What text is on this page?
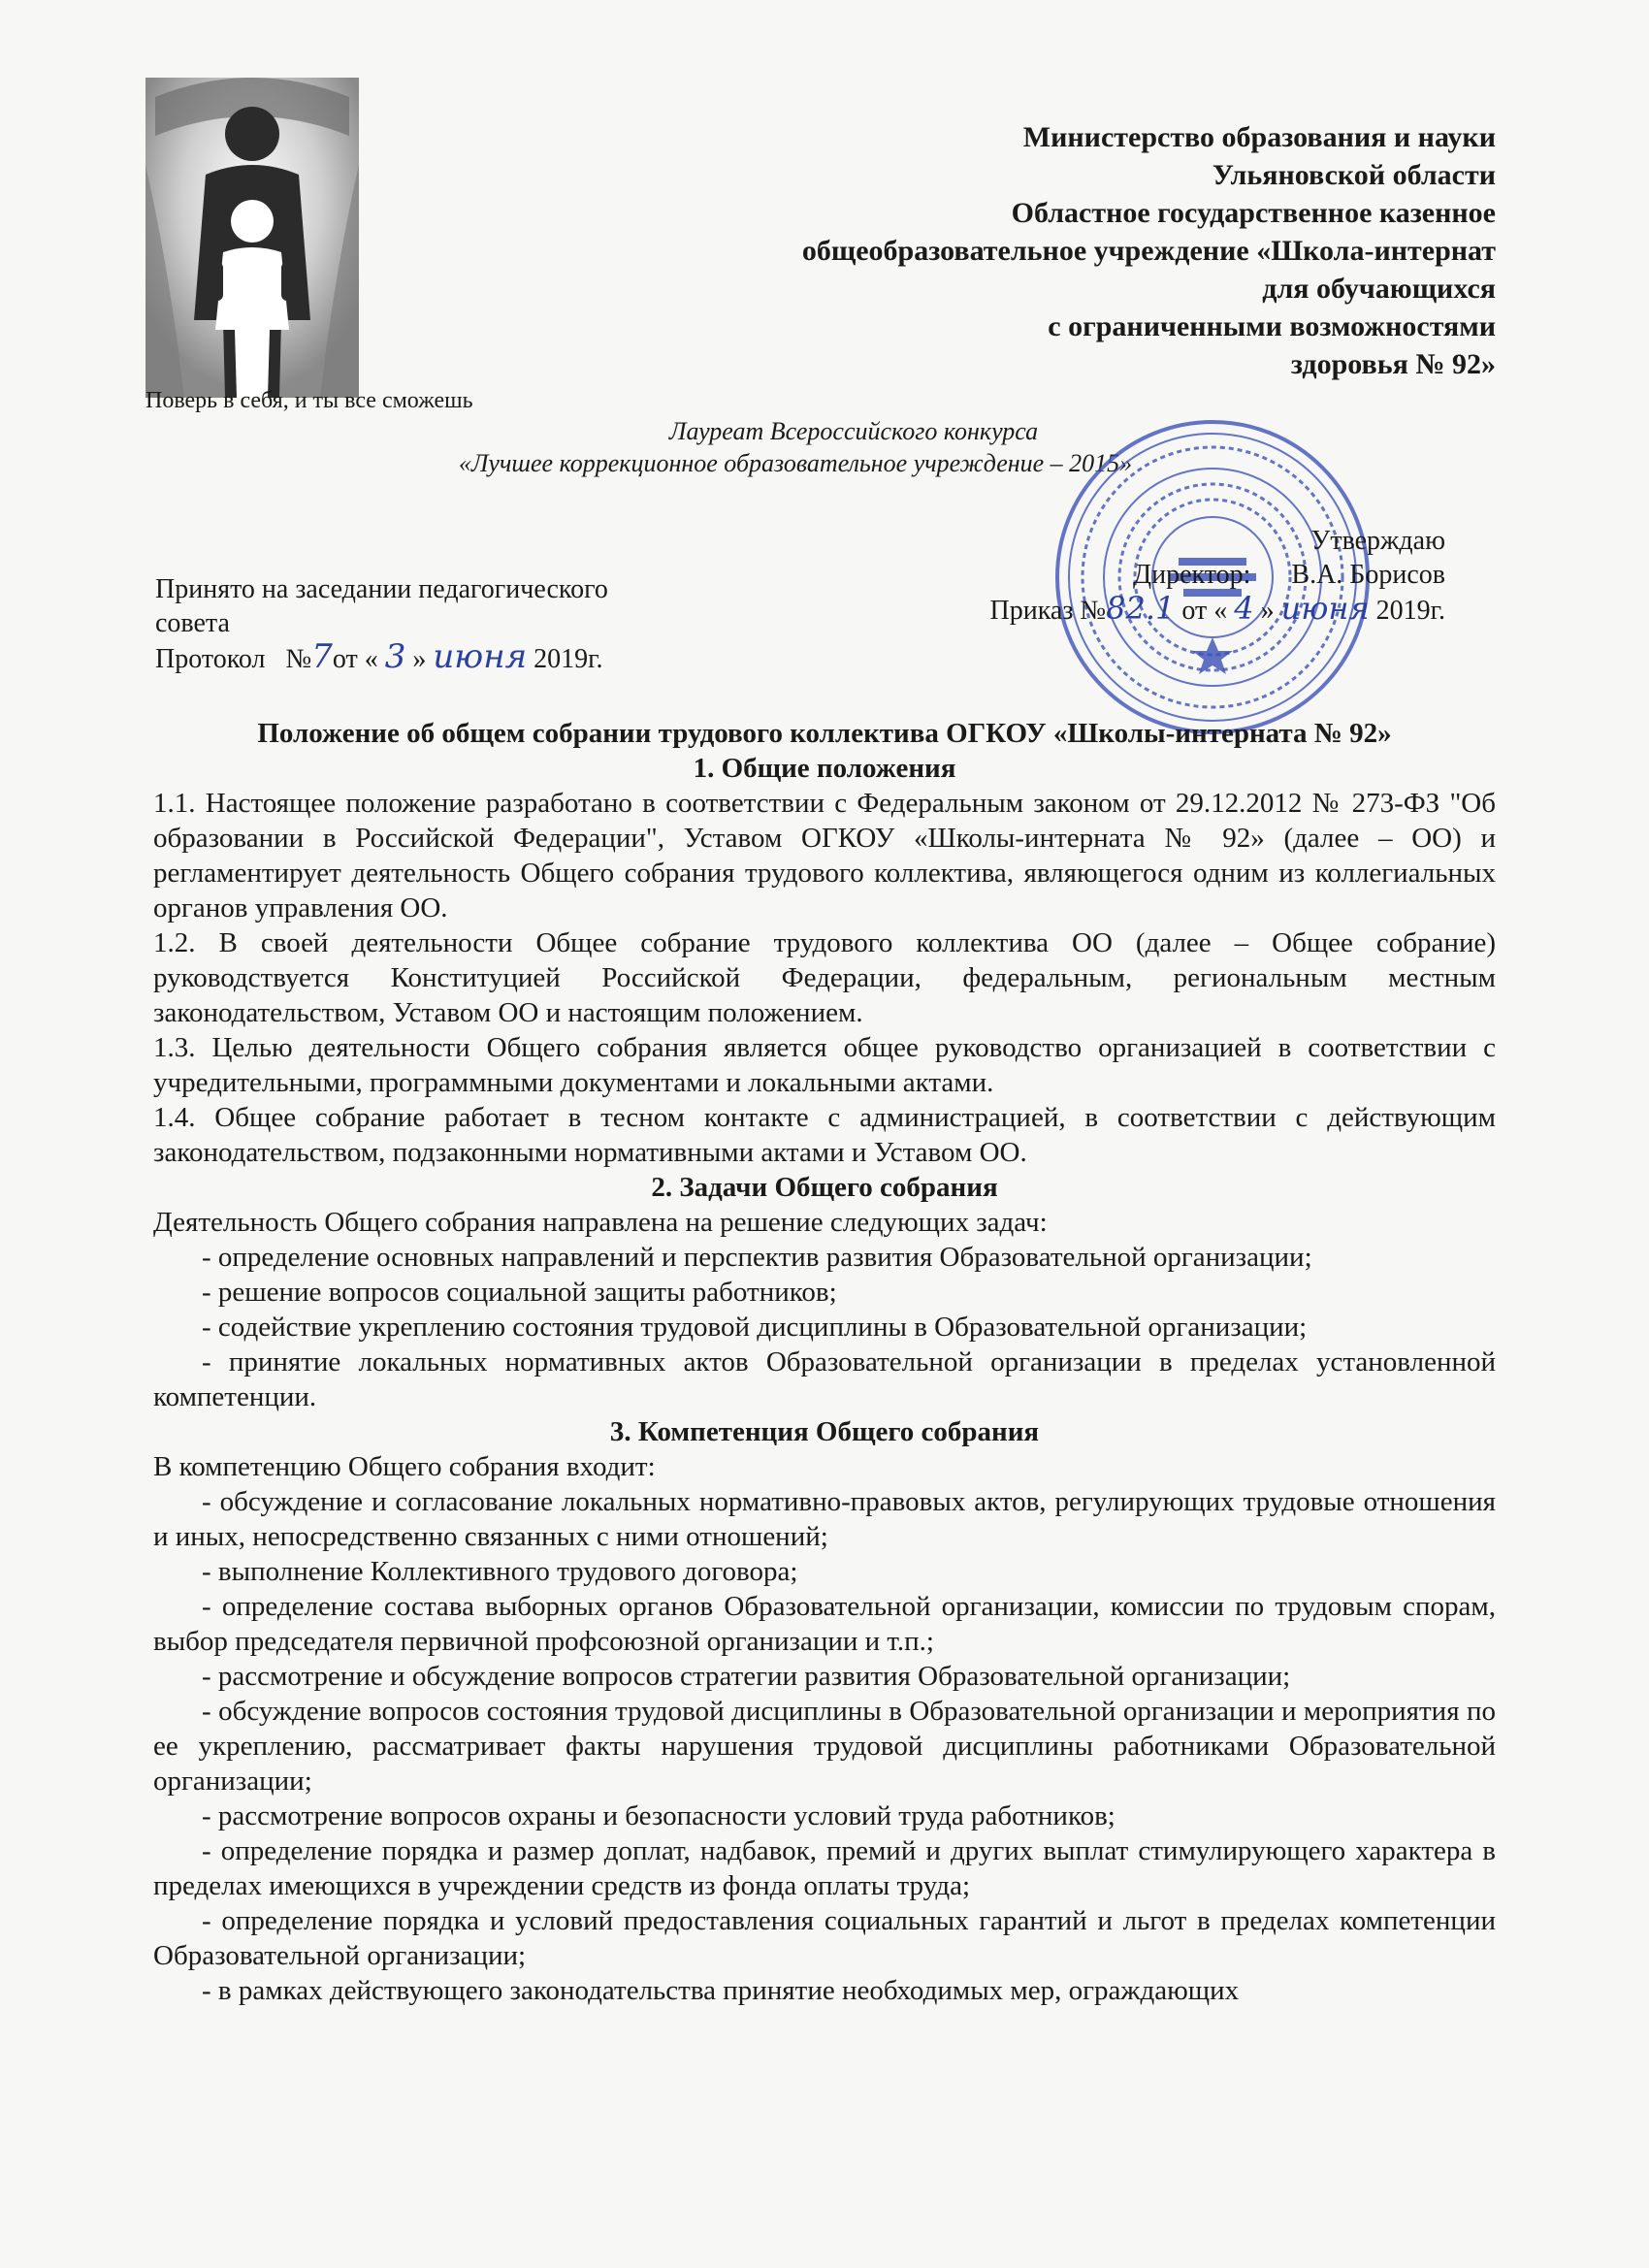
Поверь в себя, и ты все сможешь
Министерство образования и науки
Ульяновской области
Областное государственное казенное
общеобразовательное учреждение «Школа-интернат
для обучающихся
с ограниченными возможностями
здоровья № 92»
Лауреат Всероссийского конкурса
«Лучшее коррекционное образовательное учреждение – 2015»
Принято на заседании педагогического
совета
Протокол №7от « 3 » июня 2019г.
Утверждаю
Директор: В.А. Борисов
Приказ №82.1 от « 4 » июня 2019г.
Положение об общем собрании трудового коллектива ОГКОУ «Школы-интерната № 92»
1. Общие положения
1.1. Настоящее положение разработано в соответствии с Федеральным законом от 29.12.2012 № 273-ФЗ "Об образовании в Российской Федерации", Уставом ОГКОУ «Школы-интерната № 92» (далее – ОО) и регламентирует деятельность Общего собрания трудового коллектива, являющегося одним из коллегиальных органов управления ОО.
1.2. В своей деятельности Общее собрание трудового коллектива ОО (далее – Общее собрание) руководствуется Конституцией Российской Федерации, федеральным, региональным местным законодательством, Уставом ОО и настоящим положением.
1.3. Целью деятельности Общего собрания является общее руководство организацией в соответствии с учредительными, программными документами и локальными актами.
1.4. Общее собрание работает в тесном контакте с администрацией, в соответствии с действующим законодательством, подзаконными нормативными актами и Уставом ОО.
2. Задачи Общего собрания
Деятельность Общего собрания направлена на решение следующих задач:
- определение основных направлений и перспектив развития Образовательной организации;
- решение вопросов социальной защиты работников;
- содействие укреплению состояния трудовой дисциплины в Образовательной организации;
- принятие локальных нормативных актов Образовательной организации в пределах установленной компетенции.
3. Компетенция Общего собрания
В компетенцию Общего собрания входит:
- обсуждение и согласование локальных нормативно-правовых актов, регулирующих трудовые отношения и иных, непосредственно связанных с ними отношений;
- выполнение Коллективного трудового договора;
- определение состава выборных органов Образовательной организации, комиссии по трудовым спорам, выбор председателя первичной профсоюзной организации и т.п.;
- рассмотрение и обсуждение вопросов стратегии развития Образовательной организации;
- обсуждение вопросов состояния трудовой дисциплины в Образовательной организации и мероприятия по ее укреплению, рассматривает факты нарушения трудовой дисциплины работниками Образовательной организации;
- рассмотрение вопросов охраны и безопасности условий труда работников;
- определение порядка и размер доплат, надбавок, премий и других выплат стимулирующего характера в пределах имеющихся в учреждении средств из фонда оплаты труда;
- определение порядка и условий предоставления социальных гарантий и льгот в пределах компетенции Образовательной организации;
- в рамках действующего законодательства принятие необходимых мер, ограждающих
